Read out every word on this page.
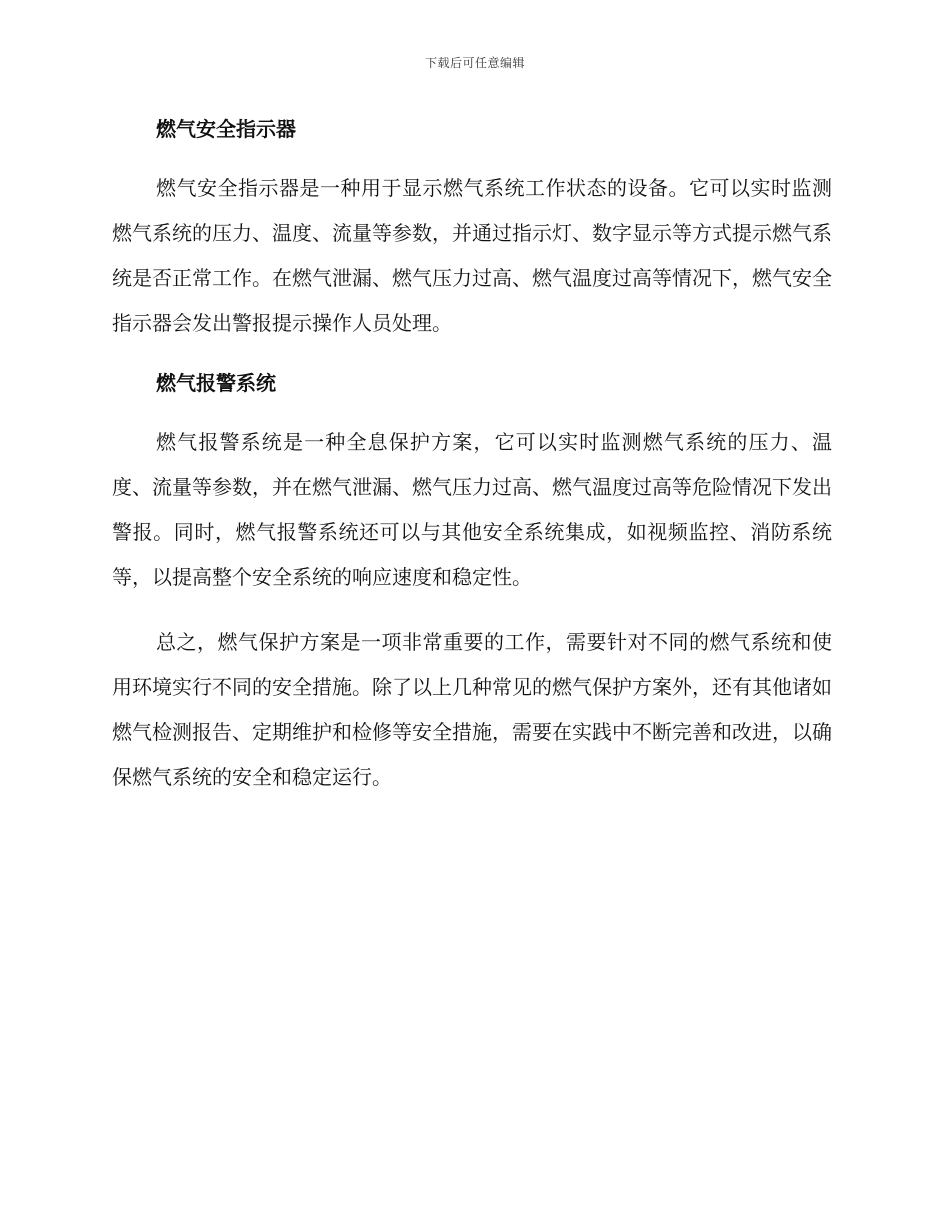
下载后可任意编辑
燃气安全指示器

燃气安全指示器是一种用于显示燃气系统工作状态的设备。它可以实时监测燃气系统的压力、温度、流量等参数，并通过指示灯、数字显示等方式提示燃气系统是否正常工作。在燃气泄漏、燃气压力过高、燃气温度过高等情况下，燃气安全指示器会发出警报提示操作人员处理。

燃气报警系统

燃气报警系统是一种全息保护方案，它可以实时监测燃气系统的压力、温度、流量等参数，并在燃气泄漏、燃气压力过高、燃气温度过高等危险情况下发出警报。同时，燃气报警系统还可以与其他安全系统集成，如视频监控、消防系统等，以提高整个安全系统的响应速度和稳定性。

总之，燃气保护方案是一项非常重要的工作，需要针对不同的燃气系统和使用环境实行不同的安全措施。除了以上几种常见的燃气保护方案外，还有其他诸如燃气检测报告、定期维护和检修等安全措施，需要在实践中不断完善和改进，以确保燃气系统的安全和稳定运行。
